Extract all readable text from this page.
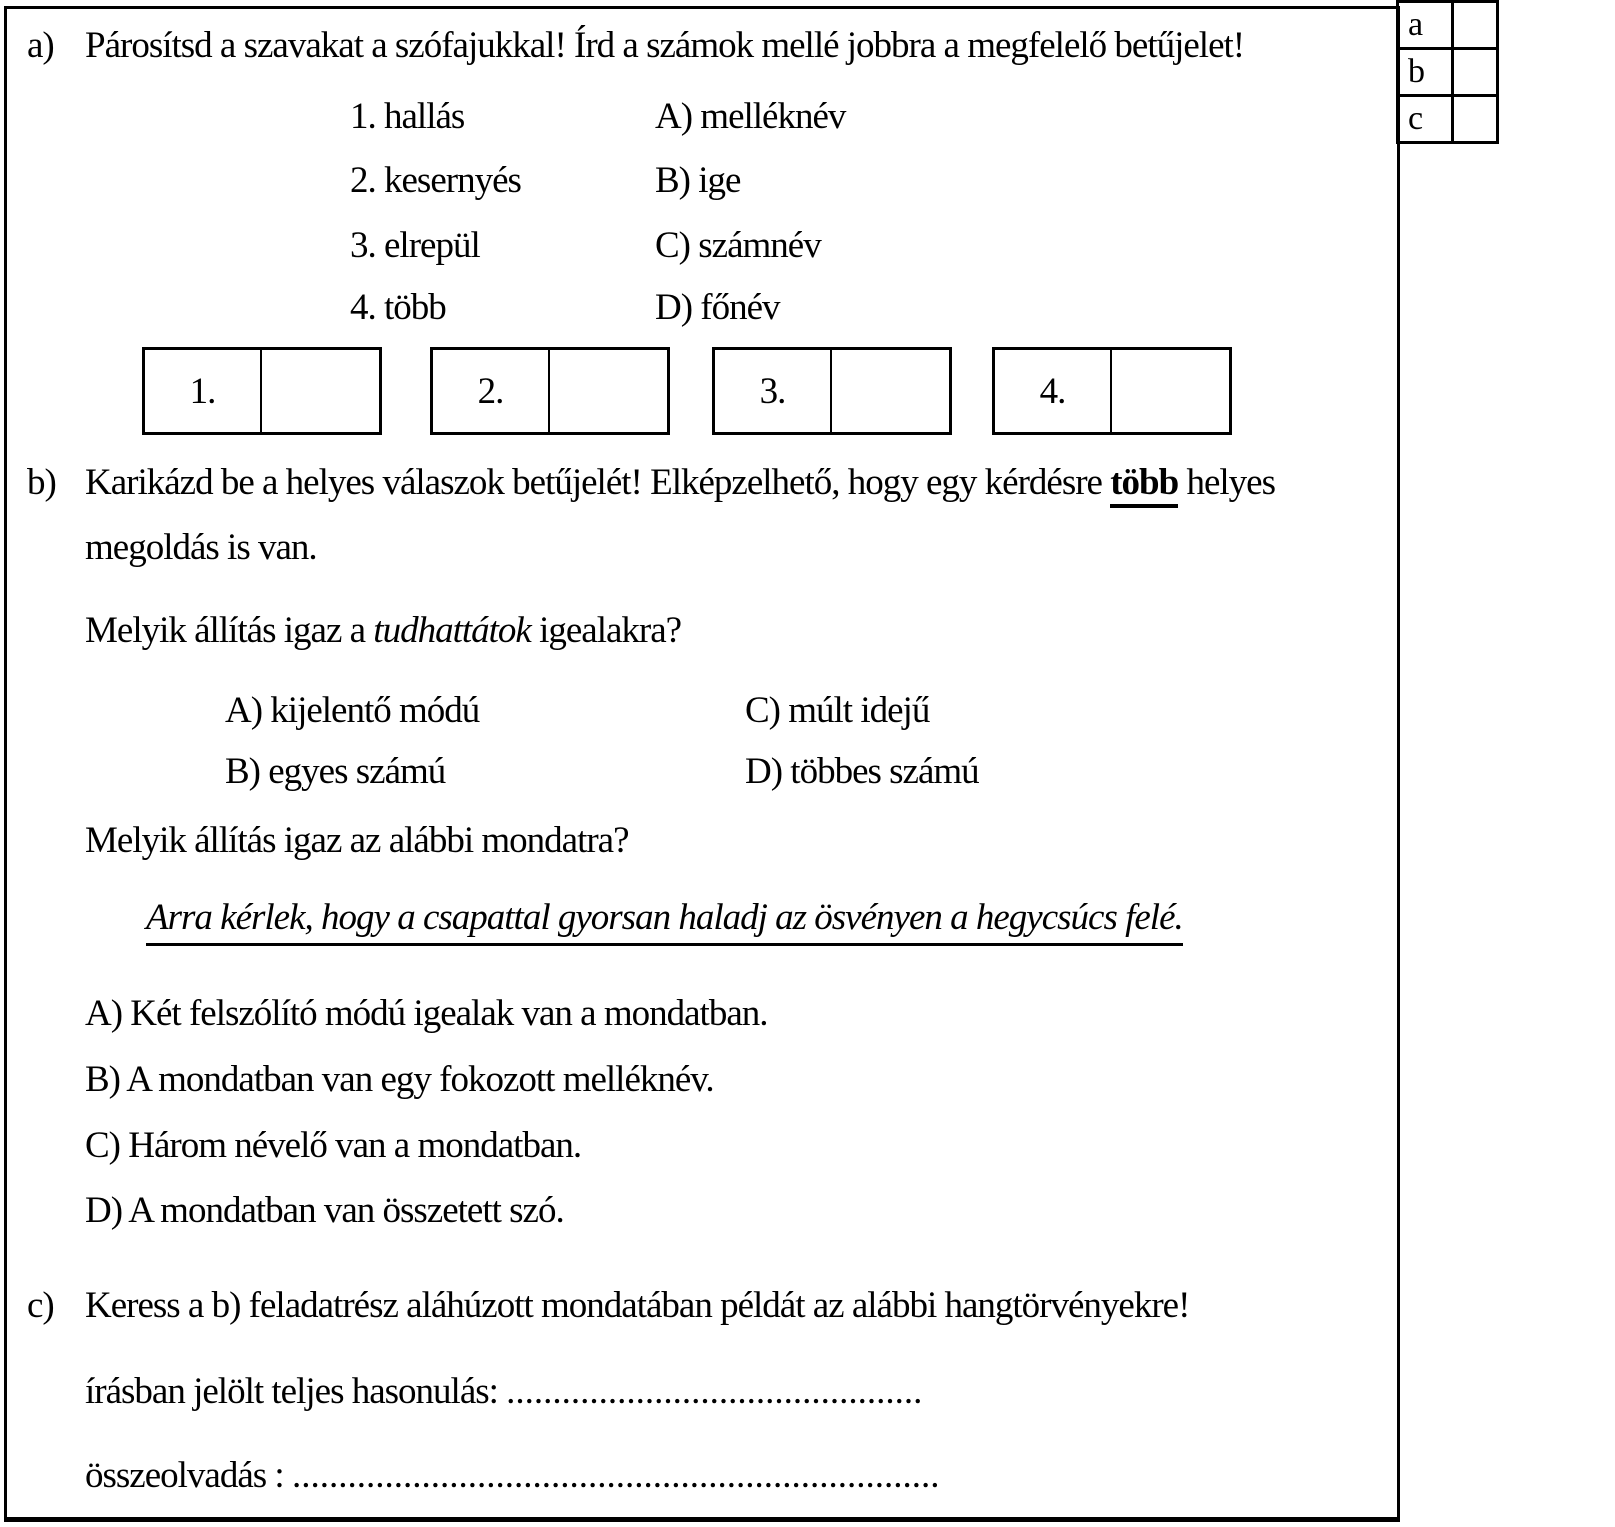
a	
b	
c	
a) Párosítsd a szavakat a szófajukkal! Írd a számok mellé jobbra a megfelelő betűjelet!
1. hallás	A) melléknév
2. kesernyés	B) ige
3. elrepül	C) számnév
4. több	D) főnév
1.	2.	3.	4.
b) Karikázd be a helyes válaszok betűjelét! Elképzelhető, hogy egy kérdésre több helyes
megoldás is van.
Melyik állítás igaz a tudhattátok igealakra?
A) kijelentő módú	C) múlt idejű
B) egyes számú	D) többes számú
Melyik állítás igaz az alábbi mondatra?
Arra kérlek, hogy a csapattal gyorsan haladj az ösvényen a hegycsúcs felé.
A) Két felszólító módú igealak van a mondatban.
B) A mondatban van egy fokozott melléknév.
C) Három névelő van a mondatban.
D) A mondatban van összetett szó.
c) Keress a b) feladatrész aláhúzott mondatában példát az alábbi hangtörvényekre!
írásban jelölt teljes hasonulás: .............................................
összeolvadás : ......................................................................
